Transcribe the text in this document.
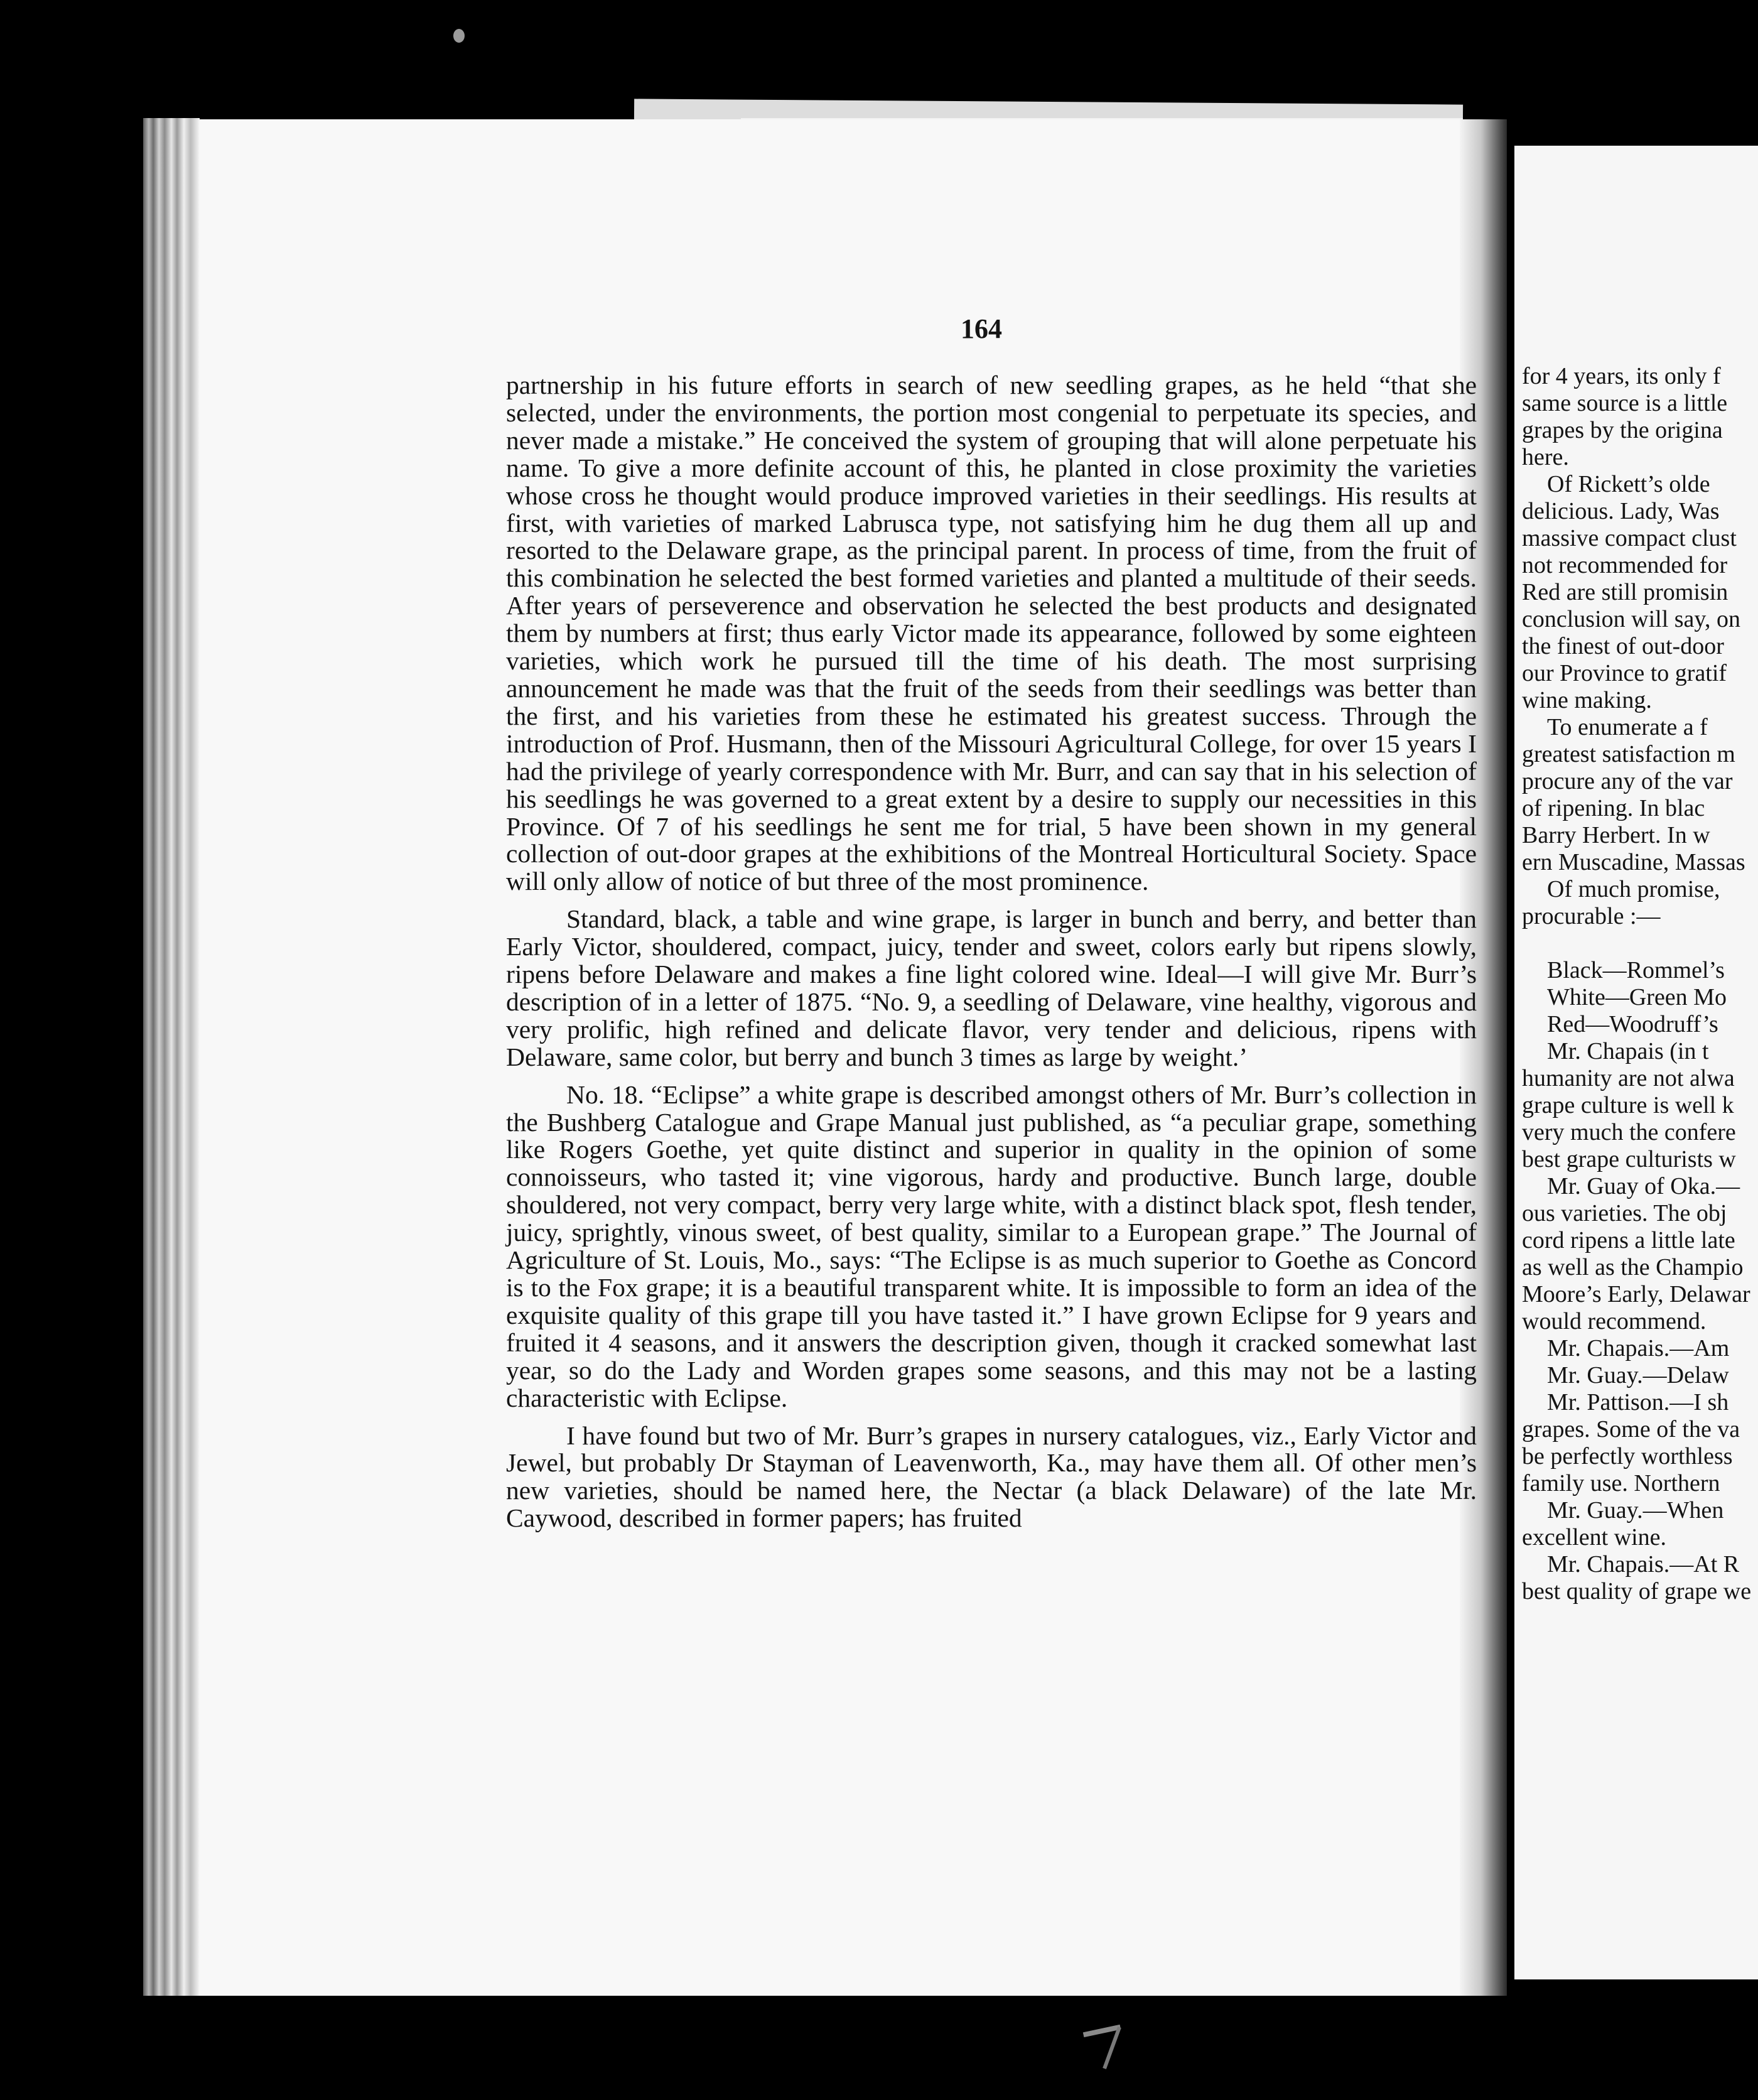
164

partnership in his future efforts in search of new seedling grapes, as he held “that she selected, under the environments, the portion most congenial to perpetuate its species, and never made a mistake.” He conceived the system of grouping that will alone perpetuate his name. To give a more definite account of this, he planted in close proximity the varieties whose cross he thought would produce improved varieties in their seedlings. His results at first, with varieties of marked Labrusca type, not satisfying him he dug them all up and resorted to the Delaware grape, as the principal parent. In process of time, from the fruit of this combination he selected the best formed varieties and planted a multitude of their seeds. After years of perseverence and observation he selected the best products and designated them by numbers at first; thus early Victor made its appearance, followed by some eighteen varieties, which work he pursued till the time of his death. The most surprising announcement he made was that the fruit of the seeds from their seedlings was better than the first, and his varieties from these he estimated his greatest success. Through the introduction of Prof. Husmann, then of the Missouri Agricultural College, for over 15 years I had the privilege of yearly correspondence with Mr. Burr, and can say that in his selection of his seedlings he was governed to a great extent by a desire to supply our necessities in this Province. Of 7 of his seedlings he sent me for trial, 5 have been shown in my general collection of out-door grapes at the exhibitions of the Montreal Horticultural Society. Space will only allow of notice of but three of the most prominence.

Standard, black, a table and wine grape, is larger in bunch and berry, and better than Early Victor, shouldered, compact, juicy, tender and sweet, colors early but ripens slowly, ripens before Delaware and makes a fine light colored wine. Ideal—I will give Mr. Burr’s description of in a letter of 1875. “No. 9, a seedling of Delaware, vine healthy, vigorous and very prolific, high refined and delicate flavor, very tender and delicious, ripens with Delaware, same color, but berry and bunch 3 times as large by weight.’

No. 18. “Eclipse” a white grape is described amongst others of Mr. Burr’s collection in the Bushberg Catalogue and Grape Manual just published, as “a peculiar grape, something like Rogers Goethe, yet quite distinct and superior in quality in the opinion of some connoisseurs, who tasted it; vine vigorous, hardy and productive. Bunch large, double shouldered, not very compact, berry very large white, with a distinct black spot, flesh tender, juicy, sprightly, vinous sweet, of best quality, similar to a European grape.” The Journal of Agriculture of St. Louis, Mo., says: “The Eclipse is as much superior to Goethe as Concord is to the Fox grape; it is a beautiful transparent white. It is impossible to form an idea of the exquisite quality of this grape till you have tasted it.” I have grown Eclipse for 9 years and fruited it 4 seasons, and it answers the description given, though it cracked somewhat last year, so do the Lady and Worden grapes some seasons, and this may not be a lasting characteristic with Eclipse.

I have found but two of Mr. Burr’s grapes in nursery catalogues, viz., Early Victor and Jewel, but probably Dr Stayman of Leavenworth, Ka., may have them all. Of other men’s new varieties, should be named here, the Nectar (a black Delaware) of the late Mr. Caywood, described in former papers; has fruited

for 4 years, its only f
same source is a little
grapes by the origina
here.
Of Rickett’s olde
delicious. Lady, Was
massive compact clust
not recommended for
Red are still promisin
conclusion will say, on
the finest of out-door
our Province to gratif
wine making.
To enumerate a f
greatest satisfaction m
procure any of the var
of ripening. In blac
Barry Herbert. In w
ern Muscadine, Massas
Of much promise,
procurable :—
Black—Rommel’s
White—Green Mo
Red—Woodruff’s
Mr. Chapais (in t
humanity are not alwa
grape culture is well k
very much the confere
best grape culturists w
Mr. Guay of Oka.—
ous varieties. The obj
cord ripens a little late
as well as the Champio
Moore’s Early, Delawar
would recommend.
Mr. Chapais.—Am
Mr. Guay.—Delaw
Mr. Pattison.—I sh
grapes. Some of the va
be perfectly worthless
family use. Northern
Mr. Guay.—When
excellent wine.
Mr. Chapais.—At R
best quality of grape we
